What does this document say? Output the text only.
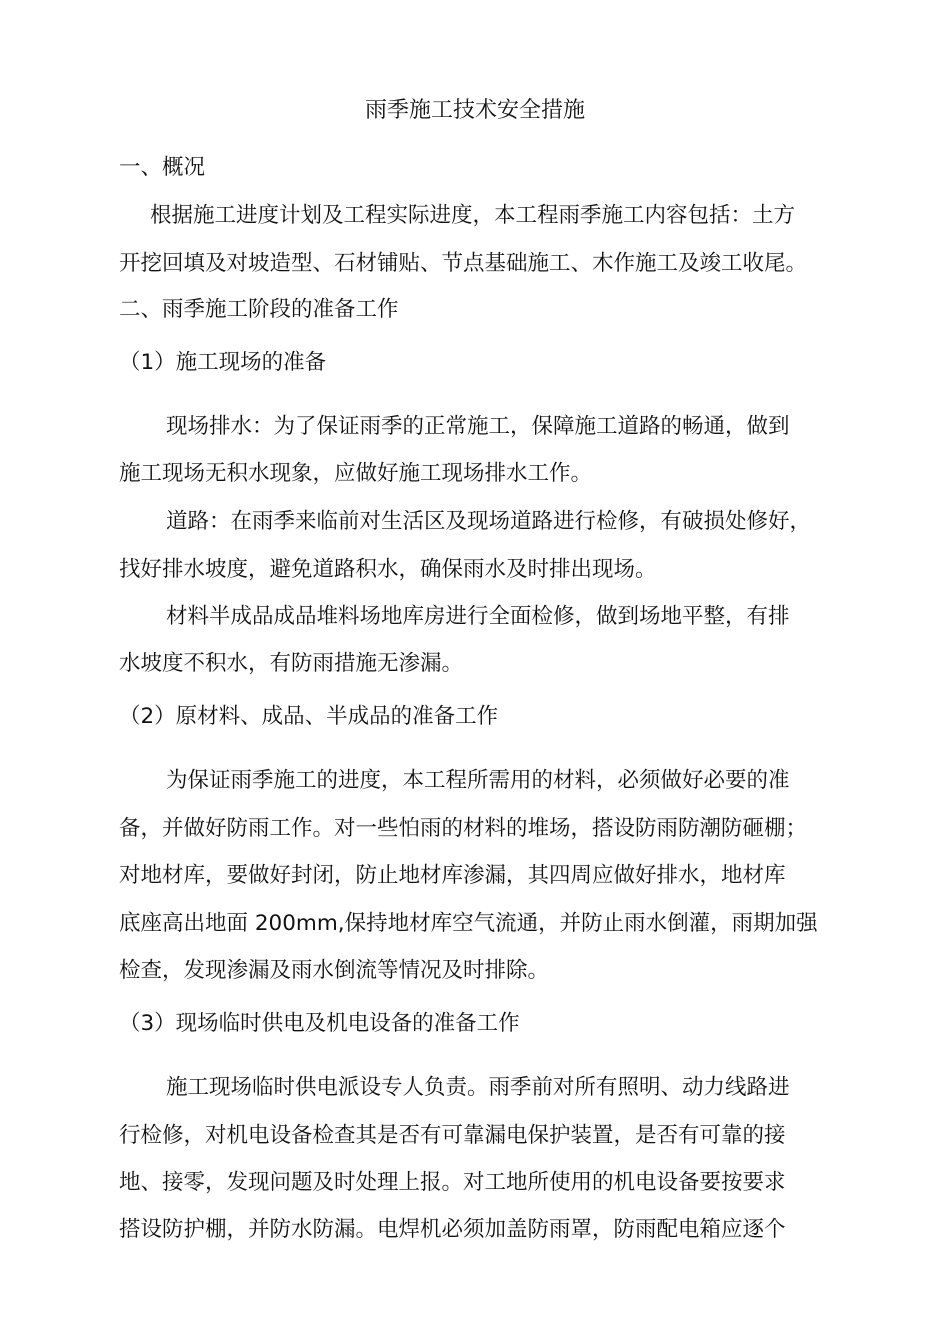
雨季施工技术安全措施
一、概况
根据施工进度计划及工程实际进度，本工程雨季施工内容包括：土方
开挖回填及对坡造型、石材铺贴、节点基础施工、木作施工及竣工收尾。
二、雨季施工阶段的准备工作
（1）施工现场的准备
现场排水：为了保证雨季的正常施工，保障施工道路的畅通，做到
施工现场无积水现象，应做好施工现场排水工作。
道路：在雨季来临前对生活区及现场道路进行检修，有破损处修好，
找好排水坡度，避免道路积水，确保雨水及时排出现场。
材料半成品成品堆料场地库房进行全面检修，做到场地平整，有排
水坡度不积水，有防雨措施无渗漏。
（2）原材料、成品、半成品的准备工作
为保证雨季施工的进度，本工程所需用的材料，必须做好必要的准
备，并做好防雨工作。对一些怕雨的材料的堆场，搭设防雨防潮防砸棚；
对地材库，要做好封闭，防止地材库渗漏，其四周应做好排水，地材库
底座高出地面 200mm,保持地材库空气流通，并防止雨水倒灌，雨期加强
检查，发现渗漏及雨水倒流等情况及时排除。
（3）现场临时供电及机电设备的准备工作
施工现场临时供电派设专人负责。雨季前对所有照明、动力线路进
行检修，对机电设备检查其是否有可靠漏电保护装置，是否有可靠的接
地、接零，发现问题及时处理上报。对工地所使用的机电设备要按要求
搭设防护棚，并防水防漏。电焊机必须加盖防雨罩，防雨配电箱应逐个
